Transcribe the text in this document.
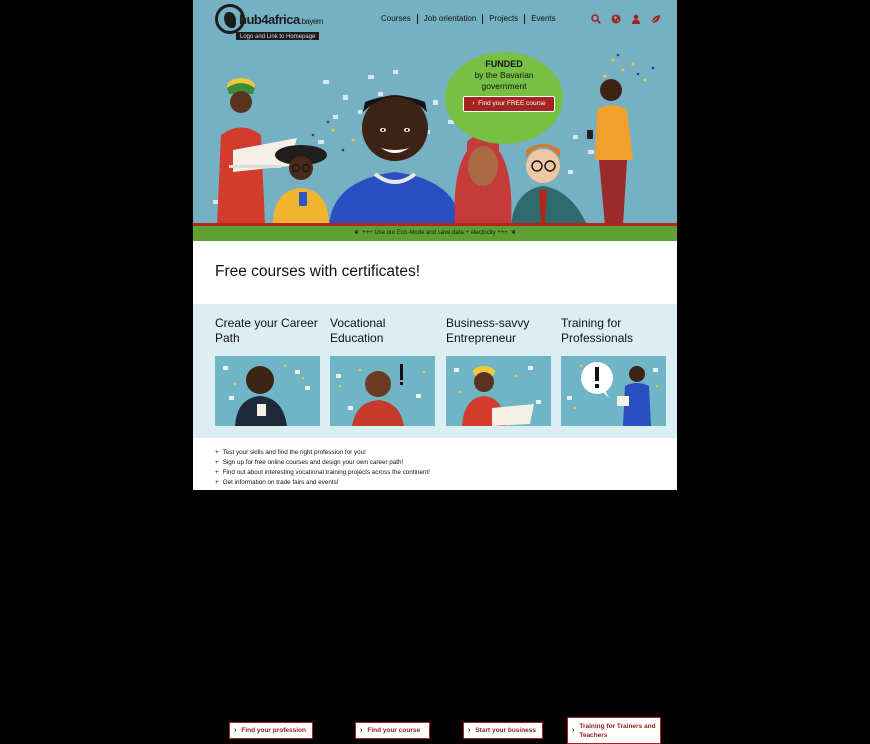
hub4africa.bayern
Logo and Link to Homepage
Courses	Job orientation	Projects	Events
FUNDED
by the Bavarian government
›  Find your FREE course
❦ +++ Use our Eco-Mode and save data + electricity +++ ❦
Free courses with certificates!
Create your Career Path
› Find your profession
Vocational Education
› Find your course
Business-savvy Entrepreneur
› Start your business
Training for Professionals
›
Training for Trainers and Teachers
+ Test your skills and find the right profession for you!
+ Sign up for free online courses and design your own career path!
+ Find out about interesting vocational training projects across the continent!
+ Get information on trade fairs and events!
